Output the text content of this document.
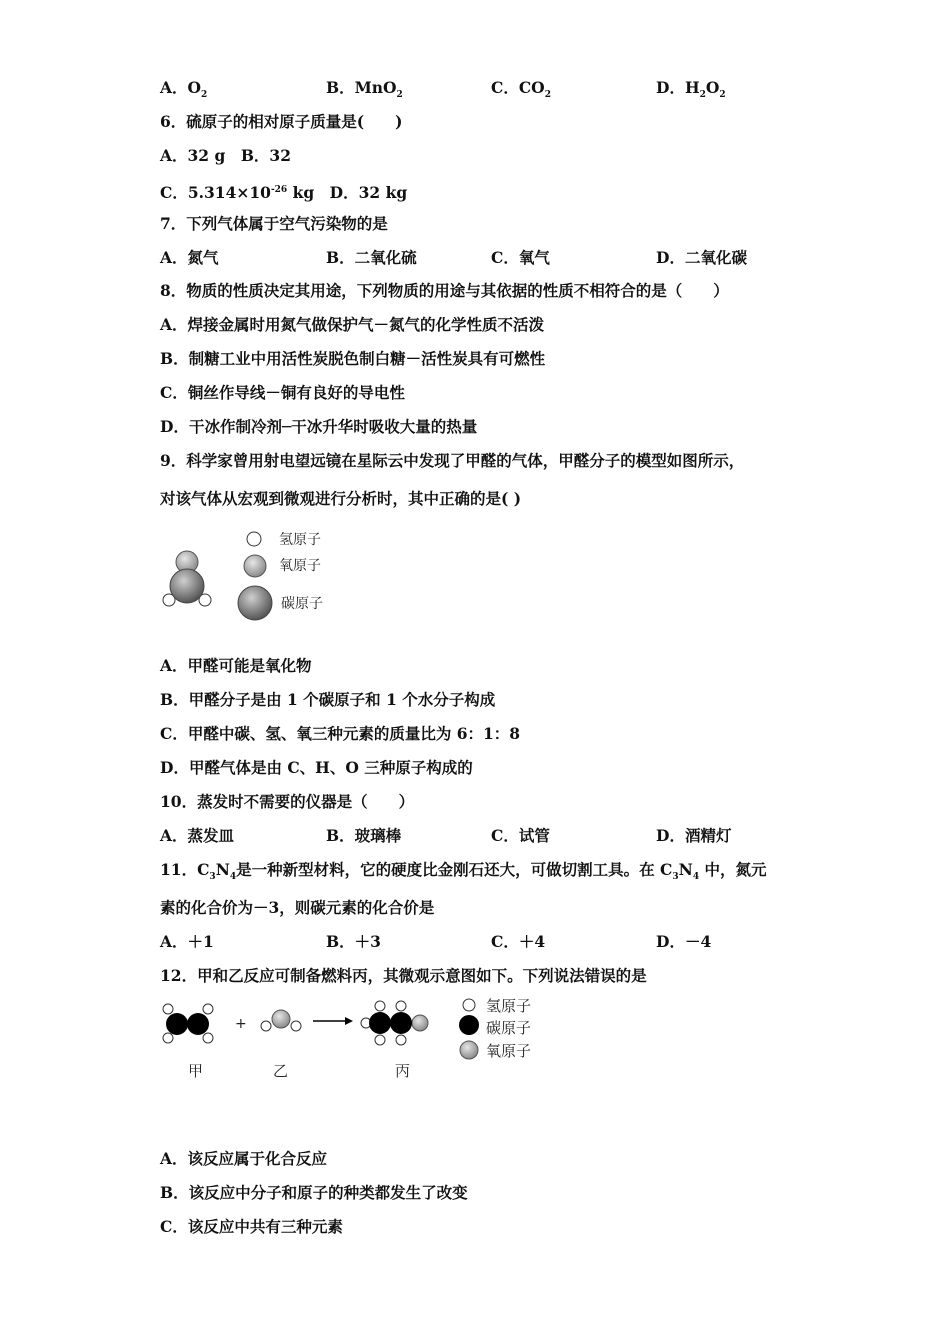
A．$O_2$	B．MnO$_2$	C．$CO_2$	D．$H_2O_2$
6．硫原子的相对原子质量是(　　)
A．32 g　B．32
C．$5.314\times 10^{-26}$ kg　D．32 kg
7．下列气体属于空气污染物的是
A．氮气	B．二氧化硫	C．氧气	D．二氧化碳
8．物质的性质决定其用途，下列物质的用途与其依据的性质不相符合的是（　　）
A．焊接金属时用氮气做保护气－氮气的化学性质不活泼
B．制糖工业中用活性炭脱色制白糖－活性炭具有可燃性
C．铜丝作导线－铜有良好的导电性
D．干冰作制冷剂─干冰升华时吸收大量的热量
9．科学家曾用射电望远镜在星际云中发现了甲醛的气体，甲醛分子的模型如图所示，
对该气体从宏观到微观进行分析时，其中正确的是( )
氢原子
氧原子
碳原子
A．甲醛可能是氧化物
B．甲醛分子是由 1 个碳原子和 1 个水分子构成
C．甲醛中碳、氢、氧三种元素的质量比为 6：1：8
D．甲醛气体是由 C、H、O 三种原子构成的
10．蒸发时不需要的仪器是（　　）
A．蒸发皿	B．玻璃棒	C．试管	D．酒精灯
11．$C_3N_4$是一种新型材料，它的硬度比金刚石还大，可做切割工具。在 $C_3N_4$ 中，氮元
素的化合价为－3，则碳元素的化合价是
A．＋1	B．＋3	C．＋4	D．－4
12．甲和乙反应可制备燃料丙，其微观示意图如下。下列说法错误的是
+
氢原子
碳原子
氧原子
甲	乙	丙
A．该反应属于化合反应
B．该反应中分子和原子的种类都发生了改变
C．该反应中共有三种元素
